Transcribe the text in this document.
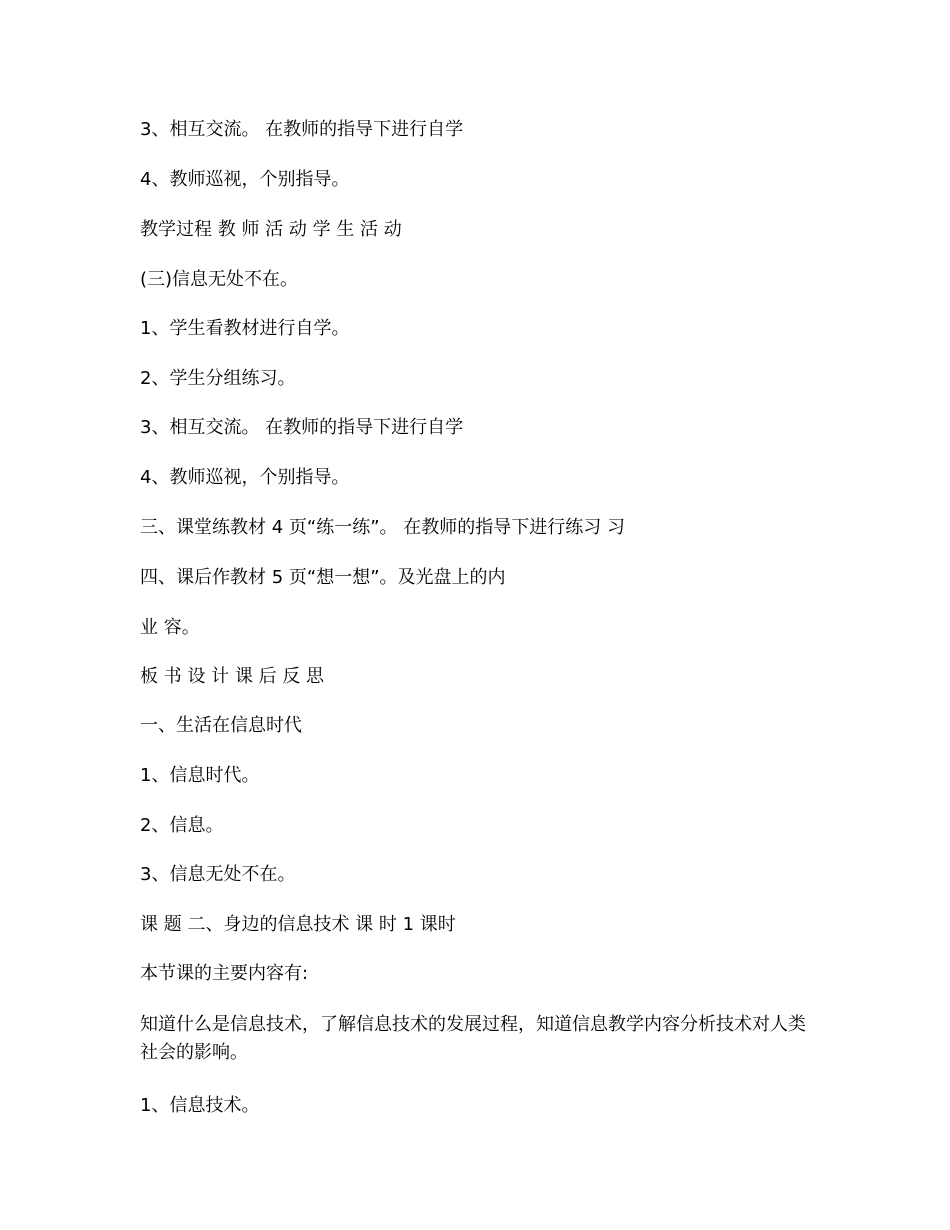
3、相互交流。 在教师的指导下进行自学
4、教师巡视，个别指导。
教学过程 教 师 活 动 学 生 活 动
(三)信息无处不在。
1、学生看教材进行自学。
2、学生分组练习。
3、相互交流。 在教师的指导下进行自学
4、教师巡视，个别指导。
三、课堂练教材 4 页“练一练”。 在教师的指导下进行练习 习
四、课后作教材 5 页“想一想”。及光盘上的内
业 容。
板 书 设 计 课 后 反 思
一、生活在信息时代
1、信息时代。
2、信息。
3、信息无处不在。
课 题 二、身边的信息技术 课 时 1 课时
本节课的主要内容有:
知道什么是信息技术，了解信息技术的发展过程，知道信息教学内容分析技术对人类社会的影响。
1、信息技术。
